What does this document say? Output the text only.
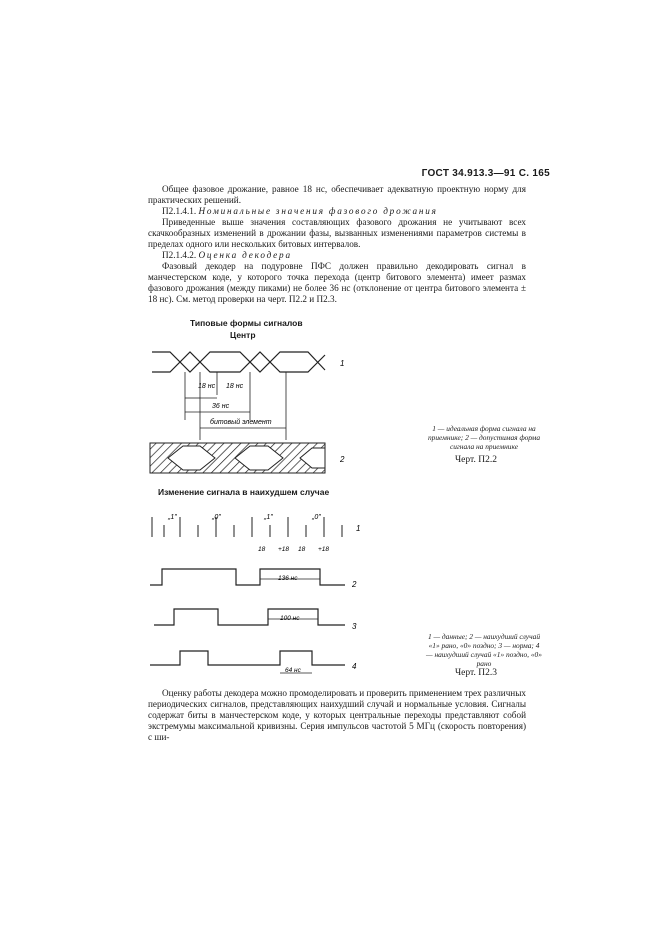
ГОСТ 34.913.3—91 С. 165
Общее фазовое дрожание, равное 18 нс, обеспечивает адекватную проектную норму для практических решений.
П2.1.4.1. Номинальные значения фазового дрожания
Приведенные выше значения составляющих фазового дрожания не учитывают всех скачкообразных изменений в дрожании фазы, вызванных изменениями параметров системы в пределах одного или нескольких битовых интервалов.
П2.1.4.2. Оценка декодера
Фазовый декодер на подуровне ПФС должен правильно декодировать сигнал в манчестерском коде, у которого точка перехода (центр битового элемента) имеет размах фазового дрожания (между пиками) не более 36 нс (отклонение от центра битового элемента ± 18 нс). См. метод проверки на черт. П2.2 и П2.3.
Типовые формы сигналов
Центр
1
18 нс 18 нс
36 нс
битовый элемент
2
1 — идеальная форма сигнала на приемнике; 2 — допустимая форма сигнала на приемнике
Черт. П2.2
Изменение сигнала в наихудшем случае
„1"	„0"	„1"	„0"
1
18 +18 18 +18
136 нс
2
100 нс
3
64 нс	4
1 — данные; 2 — наихудший случай «1» рано, «0» поздно; 3 — норма; 4 — наихудший случай «1» поздно, «0» рано
Черт. П2.3
Оценку работы декодера можно промоделировать и проверить применением трех различных периодических сигналов, представляющих наихудший случай и нормальные условия. Сигналы содержат биты в манчестерском коде, у которых центральные переходы представляют собой экстремумы максимальной кривизны. Серия импульсов частотой 5 МГц (скорость повторения) с ши-
